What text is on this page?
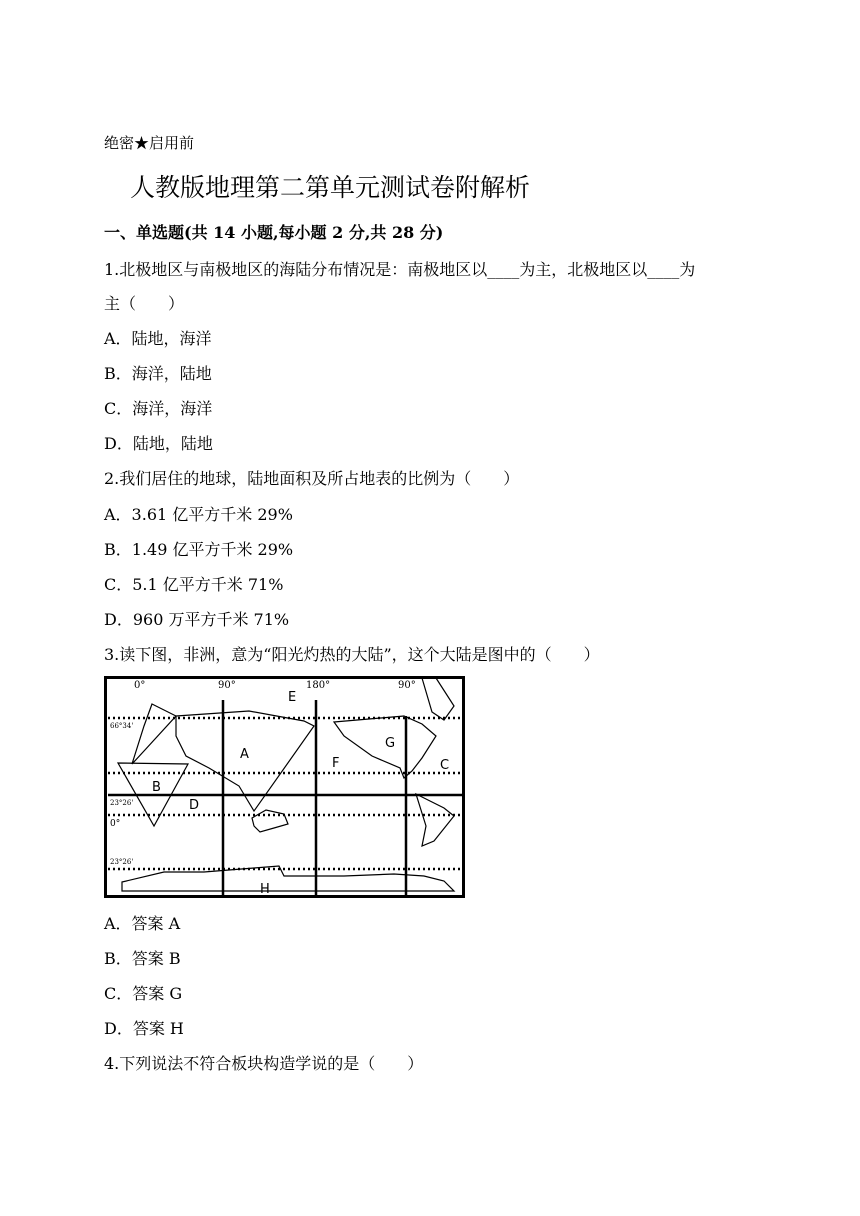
绝密★启用前
人教版地理第二第单元测试卷附解析
一、单选题(共 14 小题,每小题 2 分,共 28 分)
1.北极地区与南极地区的海陆分布情况是：南极地区以____为主，北极地区以____为
主（　　）
A．陆地，海洋
B．海洋，陆地
C．海洋，海洋
D．陆地，陆地
2.我们居住的地球，陆地面积及所占地表的比例为（　　）
A．3.61 亿平方千米 29%
B．1.49 亿平方千米 29%
C．5.1 亿平方千米 71%
D．960 万平方千米 71%
3.读下图，非洲，意为“阳光灼热的大陆”，这个大陆是图中的（　　）
0°	90°	180°	90°
66°34'
23°26'
0°
23°26'
A
B
C
D
E
F
G
H
A．答案 A
B．答案 B
C．答案 G
D．答案 H
4.下列说法不符合板块构造学说的是（　　）
